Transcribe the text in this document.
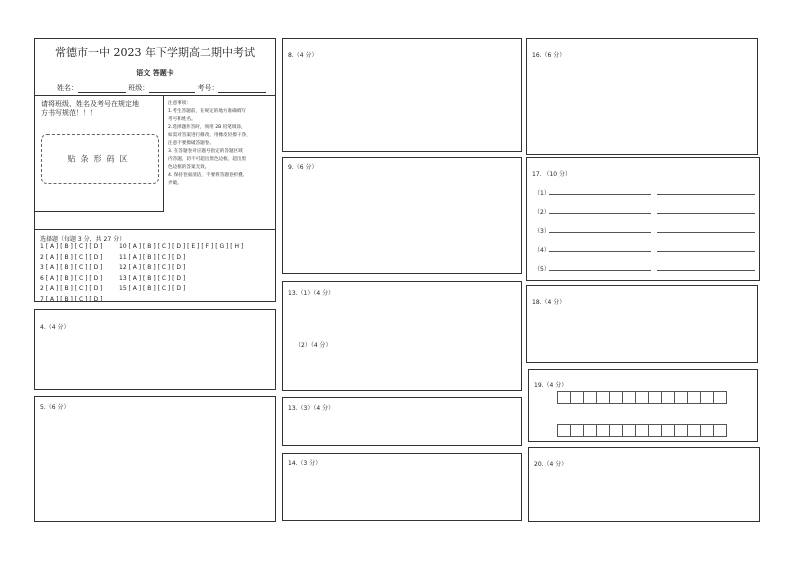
常德市一中 2023 年下学期高二期中考试
语文 答题卡
姓名：	班级：	考号：
请将班级、姓名及考号在规定地
方书写规范！！！
贴条形码区
注意事项：
1.考生答题前，在规定的地方准确填写
考号和姓名。
2.选择题作答时，须用 2B 铅笔填涂，
如需对答案进行修改，用橡皮轻擦干净，
注意不要擦破答题卷。
3. 在答题卷对应题号指定的答题区域
内答题，切不可超出黑色边框，超出黑
色边框的答案无效。
4. 保持卷面清洁，不要将答题卷折叠、
弄破。
选择题（每题 3 分，共 27 分）
1 [ A ] [ B ] [ C ] [ D ]
2 [ A ] [ B ] [ C ] [ D ]
3 [ A ] [ B ] [ C ] [ D ]
6 [ A ] [ B ] [ C ] [ D ]
2 [ A ] [ B ] [ C ] [ D ]
7 [ A ] [ B ] [ C ] [ D ]
10 [ A ] [ B ] [ C ] [ D ] [ E ] [ F ] [ G ] [ H ]
11 [ A ] [ B ] [ C ] [ D ]
12 [ A ] [ B ] [ C ] [ D ]
13 [ A ] [ B ] [ C ] [ D ]
15 [ A ] [ B ] [ C ] [ D ]
4.（4 分）
5.（6 分）
8.（4 分）
9.（6 分）
13.（1）（4 分）
（2）（4 分）
13.（3）（4 分）
14.（3 分）
16.（6 分）
17. （10 分）
（1）
（2）
（3）
（4）
（5）
18.（4 分）
19.（4 分）
20.（4 分）
